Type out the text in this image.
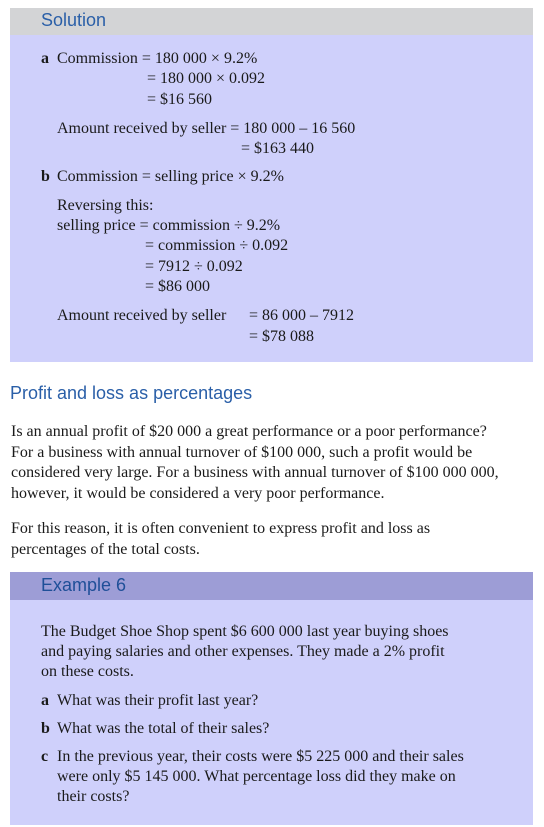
Solution
a Commission = 180 000 × 9.2%
= 180 000 × 0.092
= $16 560
Amount received by seller = 180 000 – 16 560
= $163 440
b Commission = selling price × 9.2%
Reversing this:
selling price = commission ÷ 9.2%
= commission ÷ 0.092
= 7912 ÷ 0.092
= $86 000
Amount received by seller = 86 000 – 7912
= $78 088
Profit and loss as percentages
Is an annual profit of $20 000 a great performance or a poor performance?
For a business with annual turnover of $100 000, such a profit would be
considered very large. For a business with annual turnover of $100 000 000,
however, it would be considered a very poor performance.
For this reason, it is often convenient to express profit and loss as
percentages of the total costs.
Example 6
The Budget Shoe Shop spent $6 600 000 last year buying shoes
and paying salaries and other expenses. They made a 2% profit
on these costs.
a What was their profit last year?
b What was the total of their sales?
c In the previous year, their costs were $5 225 000 and their sales
were only $5 145 000. What percentage loss did they make on
their costs?
